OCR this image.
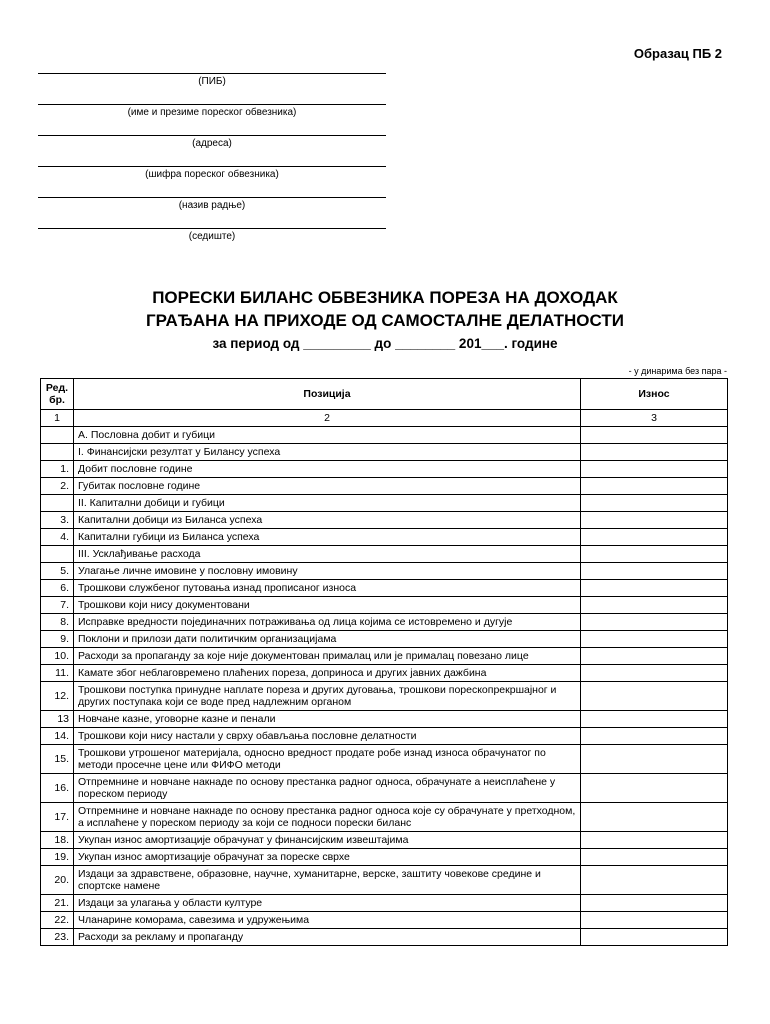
Образац ПБ 2
(ПИБ)
(име и презиме пореског обвезника)
(адреса)
(шифра пореског обвезника)
(назив радње)
(седиште)
ПОРЕСКИ БИЛАНС ОБВЕЗНИКА ПОРЕЗА НА ДОХОДАК
ГРАЂАНА НА ПРИХОДЕ ОД САМОСТАЛНЕ ДЕЛАТНОСТИ
за период од _________ до ________ 201___. године
- у динарима без пара -
Ред. бр.	Позиција	Износ
1	2	3
	А. Пословна добит и губици	
	I. Финансијски резултат у Билансу успеха	
1.	Добит пословне године	
2.	Губитак пословне године	
	II. Капитални добици и губици	
3.	Капитални добици из Биланса успеха	
4.	Капитални губици из Биланса успеха	
	III. Усклађивање расхода	
5.	Улагање личне имовине у пословну имовину	
6.	Трошкови службеног путовања изнад прописаног износа	
7.	Трошкови који нису документовани	
8.	Исправке вредности појединачних потраживања од лица којима се истовремено и дугује	
9.	Поклони и прилози дати политичким организацијама	
10.	Расходи за пропаганду за које није документован прималац или је прималац повезано лице	
11.	Камате због неблаговремено плаћених пореза, доприноса и других јавних дажбина	
12.	Трошкови поступка принудне наплате пореза и других дуговања, трошкови порескопрекршајног и других поступака који се воде пред надлежним органом	
13	Новчане казне, уговорне казне и пенали	
14.	Трошкови који нису настали у сврху обављања пословне делатности	
15.	Трошкови утрошеног материјала, односно вредност продате робе изнад износа обрачунатог по методи просечне цене или ФИФО методи	
16.	Отпремнине и новчане накнаде по основу престанка радног односа, обрачунате а неисплаћене у пореском периоду	
17.	Отпремнине и новчане накнаде по основу престанка радног односа које су обрачунате у претходном, а исплаћене у пореском периоду за који се подноси порески биланс	
18.	Укупан износ амортизације обрачунат у финансијским извештајима	
19.	Укупан износ амортизације обрачунат за пореске сврхе	
20.	Издаци за здравствене, образовне, научне, хуманитарне, верске, заштиту човекове средине и спортске намене	
21.	Издаци за улагања у области културе	
22.	Чланарине коморама, савезима и удружењима	
23.	Расходи за рекламу и пропаганду	
